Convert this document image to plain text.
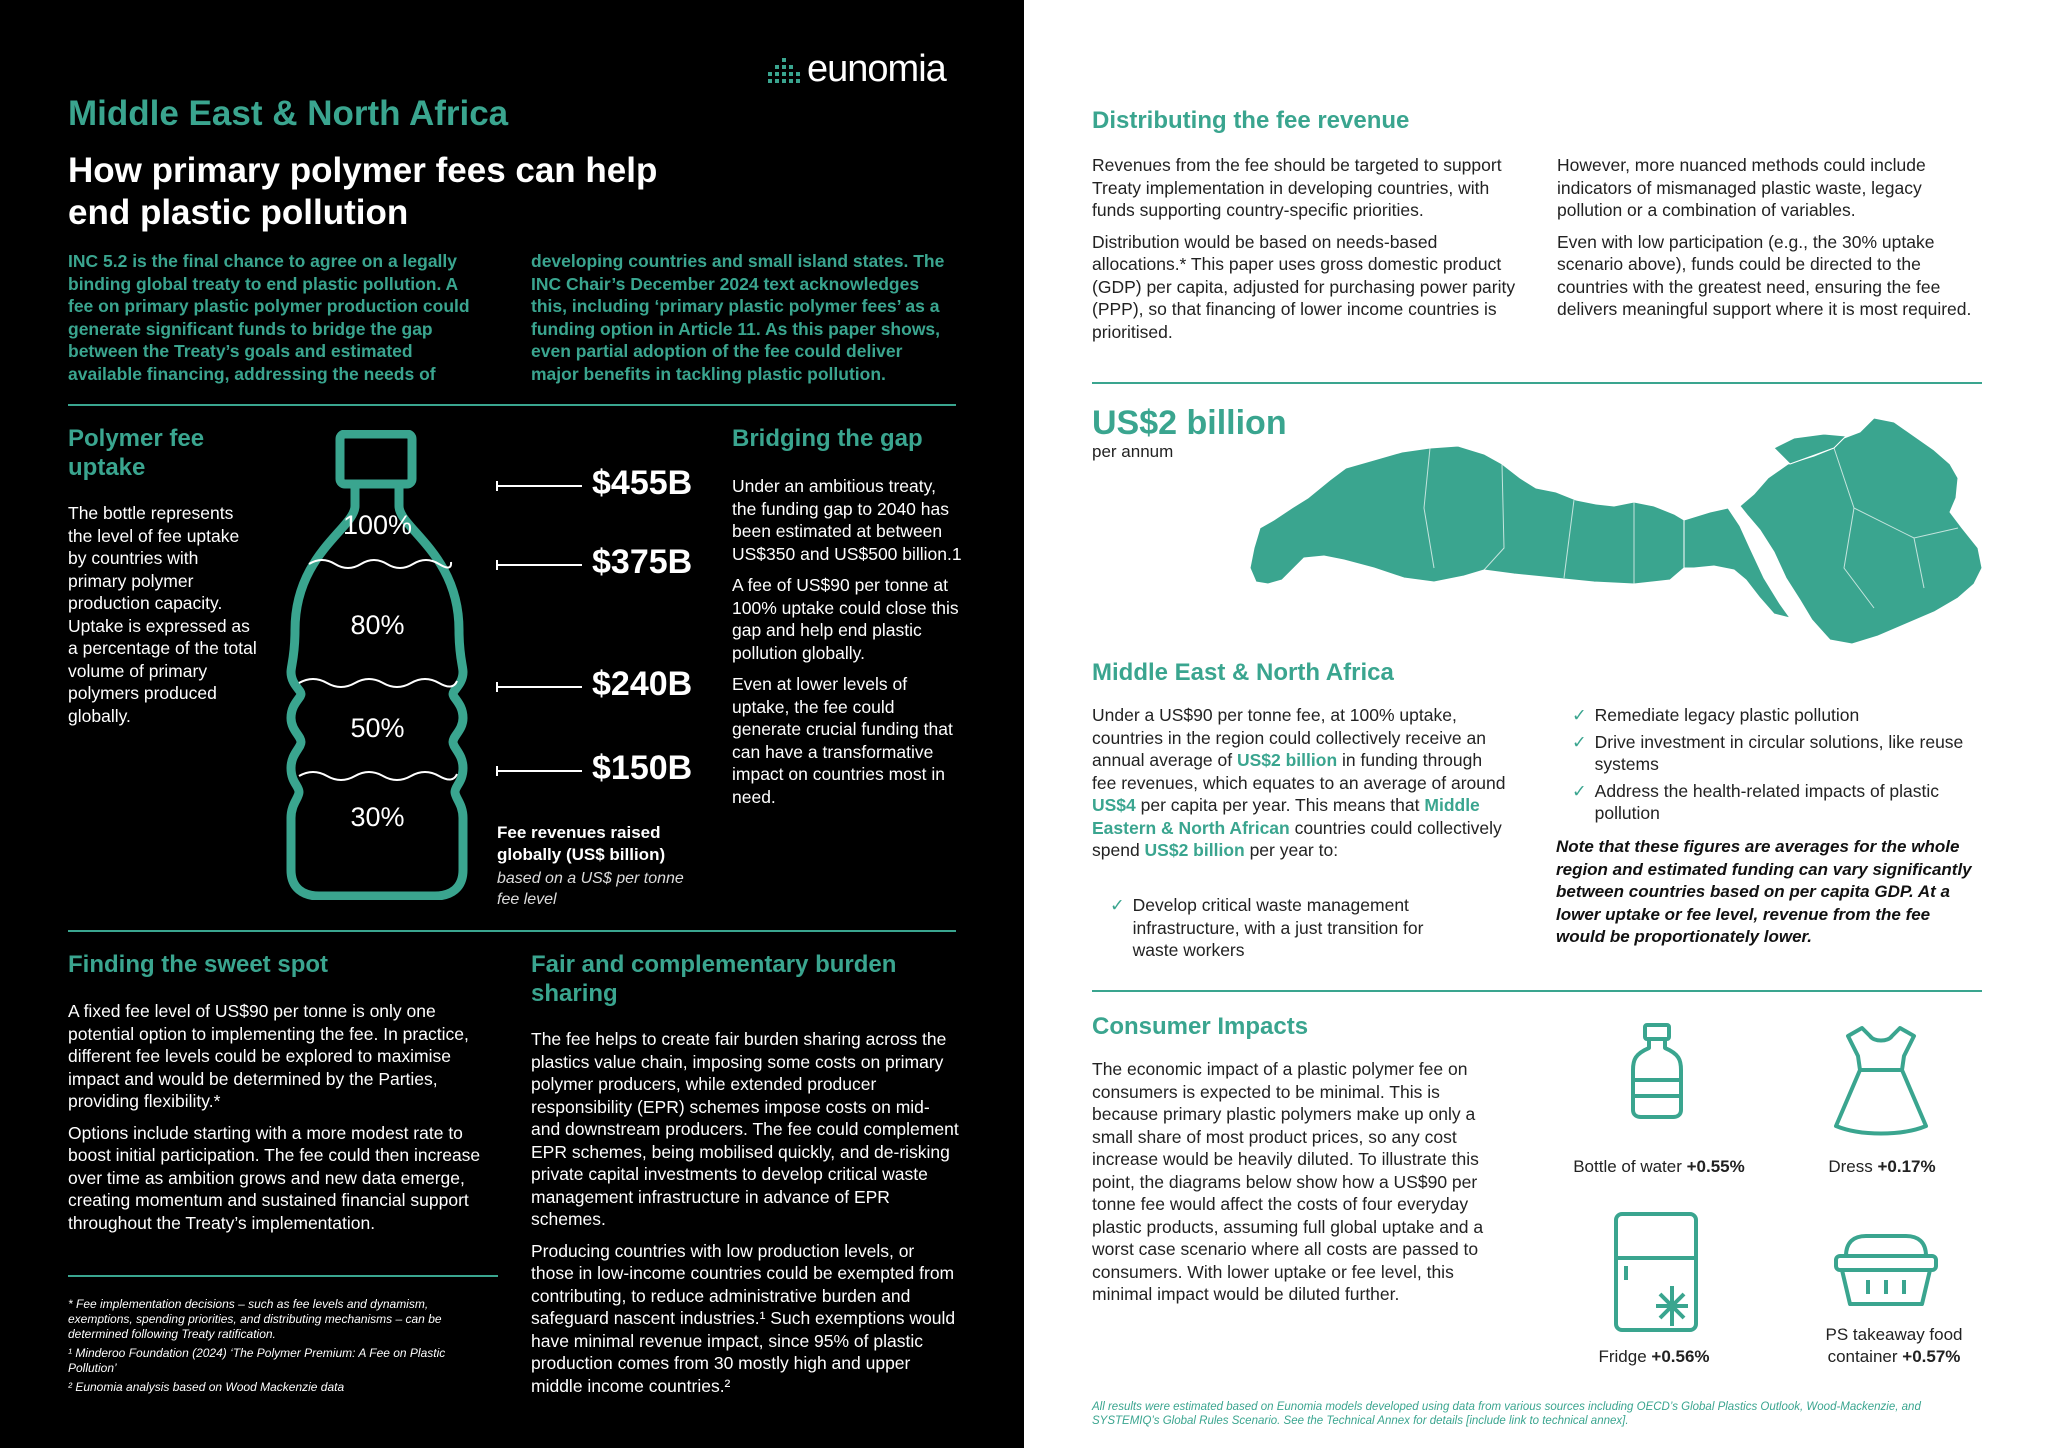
eunomia
Middle East & North Africa
How primary polymer fees can help
end plastic pollution
INC 5.2 is the final chance to agree on a legally binding global treaty to end plastic pollution. A fee on primary plastic polymer production could generate significant funds to bridge the gap between the Treaty’s goals and estimated available financing, addressing the needs of
developing countries and small island states. The INC Chair’s December 2024 text acknowledges this, including ‘primary plastic polymer fees’ as a funding option in Article 11. As this paper shows, even partial adoption of the fee could deliver major benefits in tackling plastic pollution.
Polymer fee uptake
The bottle represents the level of fee uptake by countries with primary polymer production capacity. Uptake is expressed as a percentage of the total volume of primary polymers produced globally.
100%
80%
50%
30%
$455B
$375B
$240B
$150B
Fee revenues raised globally (US$ billion)
based on a US$ per tonne fee level
Bridging the gap

Under an ambitious treaty, the funding gap to 2040 has been estimated at between US$350 and US$500 billion.1

A fee of US$90 per tonne at 100% uptake could close this gap and help end plastic pollution globally.

Even at lower levels of uptake, the fee could generate crucial funding that can have a transformative impact on countries most in need.

Finding the sweet spot

A fixed fee level of US$90 per tonne is only one potential option to implementing the fee. In practice, different fee levels could be explored to maximise impact and would be determined by the Parties, providing flexibility.*

Options include starting with a more modest rate to boost initial participation. The fee could then increase over time as ambition grows and new data emerge, creating momentum and sustained financial support throughout the Treaty’s implementation.

* Fee implementation decisions – such as fee levels and dynamism, exemptions, spending priorities, and distributing mechanisms – can be determined following Treaty ratification.

¹ Minderoo Foundation (2024) ‘The Polymer Premium: A Fee on Plastic Pollution’

² Eunomia analysis based on Wood Mackenzie data

Fair and complementary burden sharing

The fee helps to create fair burden sharing across the plastics value chain, imposing some costs on primary polymer producers, while extended producer responsibility (EPR) schemes impose costs on mid- and downstream producers. The fee could complement EPR schemes, being mobilised quickly, and de-risking private capital investments to develop critical waste management infrastructure in advance of EPR schemes.

Producing countries with low production levels, or those in low-income countries could be exempted from contributing, to reduce administrative burden and safeguard nascent industries.¹ Such exemptions would have minimal revenue impact, since 95% of plastic production comes from 30 mostly high and upper middle income countries.²

Distributing the fee revenue

Revenues from the fee should be targeted to support Treaty implementation in developing countries, with funds supporting country-specific priorities.

Distribution would be based on needs-based allocations.* This paper uses gross domestic product (GDP) per capita, adjusted for purchasing power parity (PPP), so that financing of lower income countries is prioritised.

However, more nuanced methods could include indicators of mismanaged plastic waste, legacy pollution or a combination of variables.

Even with low participation (e.g., the 30% uptake scenario above), funds could be directed to the countries with the greatest need, ensuring the fee delivers meaningful support where it is most required.

US$2 billion
per annum
Middle East & North Africa
Under a US$90 per tonne fee, at 100% uptake, countries in the region could collectively receive an annual average of US$2 billion in funding through fee revenues, which equates to an average of around US$4 per capita per year. This means that Middle Eastern & North African countries could collectively spend US$2 billion per year to:
✓ Develop critical waste management infrastructure, with a just transition for waste workers
✓ Remediate legacy plastic pollution
✓ Drive investment in circular solutions, like reuse systems
✓ Address the health-related impacts of plastic pollution
Note that these figures are averages for the whole region and estimated funding can vary significantly between countries based on per capita GDP. At a lower uptake or fee level, revenue from the fee would be proportionately lower.
Consumer Impacts
The economic impact of a plastic polymer fee on consumers is expected to be minimal. This is because primary plastic polymers make up only a small share of most product prices, so any cost increase would be heavily diluted. To illustrate this point, the diagrams below show how a US$90 per tonne fee would affect the costs of four everyday plastic products, assuming full global uptake and a worst case scenario where all costs are passed to consumers. With lower uptake or fee level, this minimal impact would be diluted further.
Bottle of water +0.55%	Dress +0.17%
Fridge +0.56%
PS takeaway food container +0.57%
All results were estimated based on Eunomia models developed using data from various sources including OECD’s Global Plastics Outlook, Wood-Mackenzie, and SYSTEMIQ’s Global Rules Scenario. See the Technical Annex for details [include link to technical annex].
